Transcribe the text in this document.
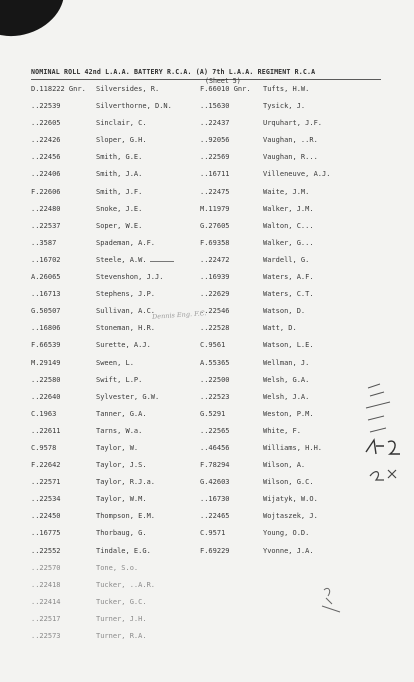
NOMINAL ROLL 42nd L.A.A. BATTERY R.C.A. (A) 7th L.A.A. REGIMENT R.C.A
(Sheet 5)
D.118222 Gnr. Silversides, R.	F.66010 Gnr. Tufts, H.W.
..22539	Silverthorne, D.N.	..15630	Tysick, J.
..22605	Sinclair, C.	..22437	Urquhart, J.F.
..22426	Sloper, G.H.	..92056	Vaughan, ..R.
..22456	Smith, G.E.	..22569	Vaughan, R...
..22406	Smith, J.A.	..16711	Villeneuve, A.J.
F.22606	Smith, J.F.	..22475	Waite, J.M.
..22480	Snoke, J.E.	M.11979	Walker, J.M.
..22537	Soper, W.E.	G.27605	Walton, C...
..3587	Spademan, A.F.	F.69358	Walker, G...
..16702	Steele, A.W.	..22472	Wardell, G.
A.26065	Stevenshon, J.J.	..16939	Waters, A.F.
..16713	Stephens, J.P.	..22629	Waters, C.T.
G.50507	Sullivan, A.C.	..22546	Watson, D.
..16806	Stoneman, H.R.	..22528	Watt, D.
F.66539	Surette, A.J.	C.9561	Watson, L.E.
M.29149	Sween, L.	A.55365	Wellman, J.
..22580	Swift, L.P.	..22500	Welsh, G.A.
..22640	Sylvester, G.W.	..22523	Welsh, J.A.
C.1963	Tanner, G.A.	G.5291	Weston, P.M.
..22611	Tarns, W.a.	..22565	White, F.
C.9578	Taylor, W.	..46456	Williams, H.H.
F.22642	Taylor, J.S.	F.78294	Wilson, A.
..22571	Taylor, R.J.a.	G.42603	Wilson, G.C.
..22534	Taylor, W.M.	..16730	Wijatyk, W.O.
..22450	Thompson, E.M.	..22465	Wojtaszek, J.
..16775	Thorbaug, G.	C.9571	Young, O.D.
..22552	Tindale, E.G.	F.69229	Yvonne, J.A.
..22570	Tone, S.o.
..22418	Tucker, ..A.R.
..22414	Tucker, G.C.
..22517	Turner, J.H.
..22573	Turner, R.A.
Dennis Eng. F.C.
